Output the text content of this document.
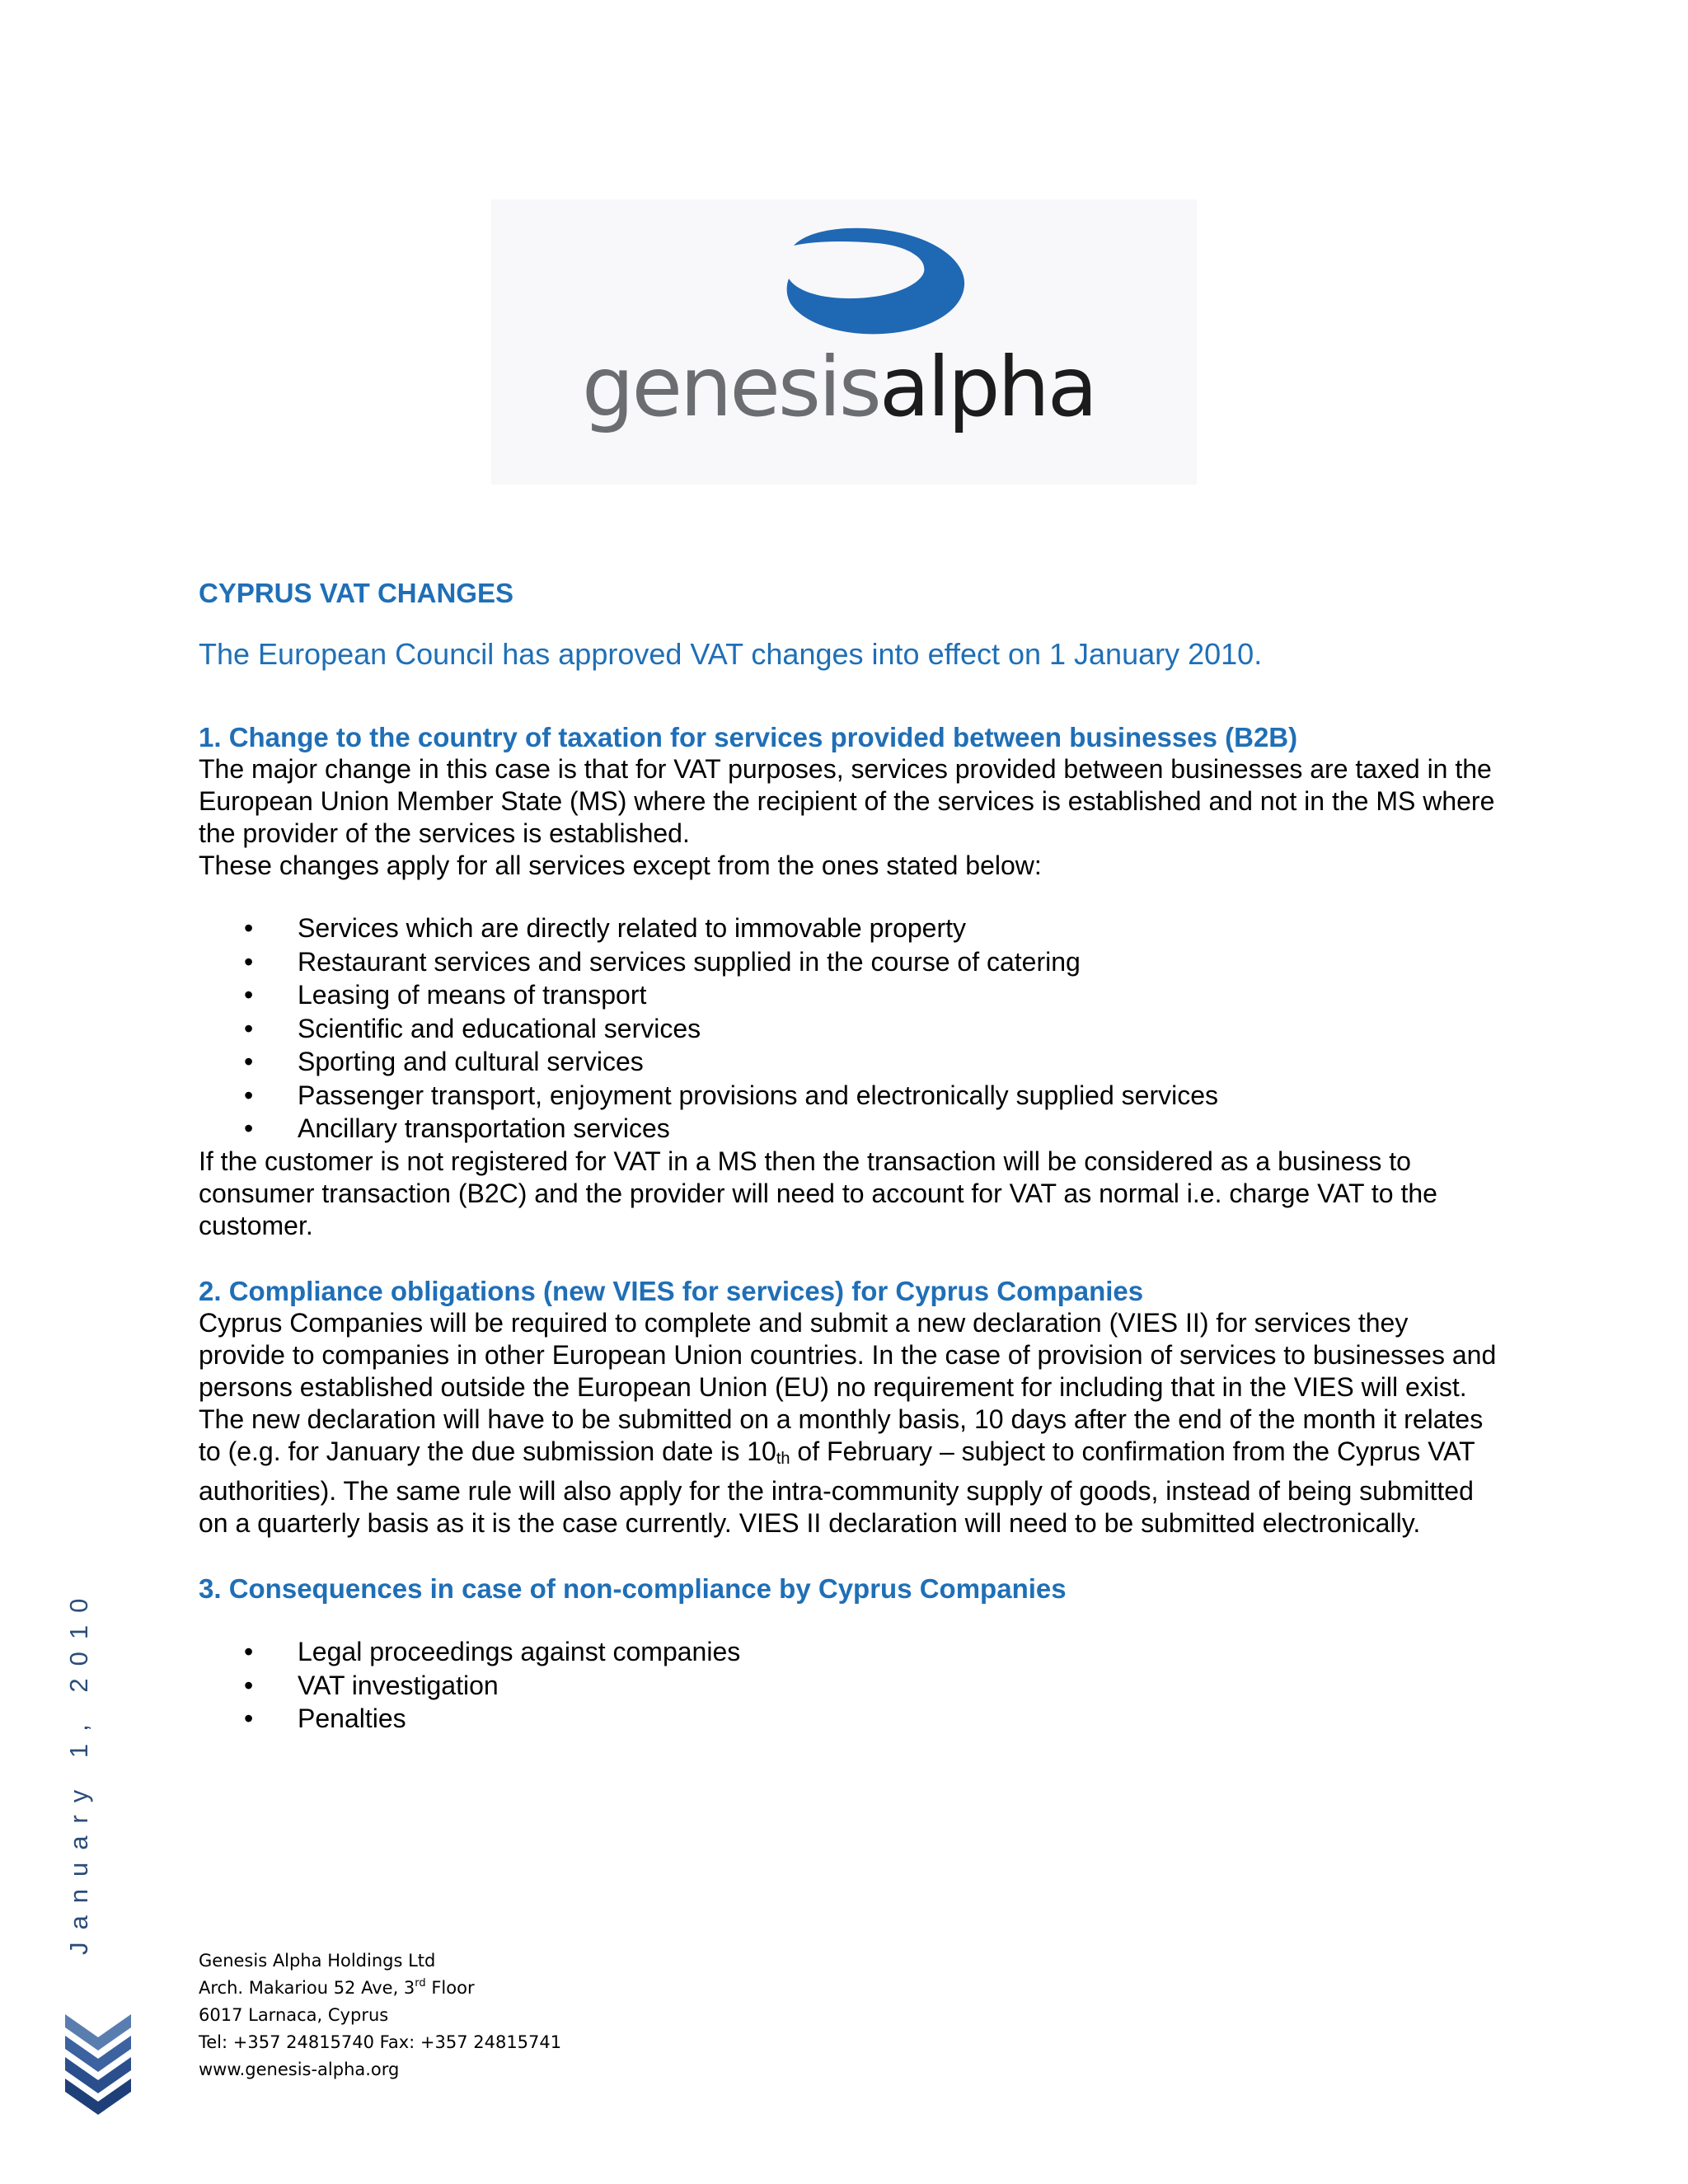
genesisalpha
CYPRUS VAT CHANGES

The European Council has approved VAT changes into effect on 1 January 2010.

1. Change to the country of taxation for services provided between businesses (B2B)

The major change in this case is that for VAT purposes, services provided between businesses are taxed in the European Union Member State (MS) where the recipient of the services is established and not in the MS where the provider of the services is established.

These changes apply for all services except from the ones stated below:

• Services which are directly related to immovable property
• Restaurant services and services supplied in the course of catering
• Leasing of means of transport
• Scientific and educational services
• Sporting and cultural services
• Passenger transport, enjoyment provisions and electronically supplied services
• Ancillary transportation services

If the customer is not registered for VAT in a MS then the transaction will be considered as a business to consumer transaction (B2C) and the provider will need to account for VAT as normal i.e. charge VAT to the customer.

2. Compliance obligations (new VIES for services) for Cyprus Companies

Cyprus Companies will be required to complete and submit a new declaration (VIES II) for services they provide to companies in other European Union countries. In the case of provision of services to businesses and persons established outside the European Union (EU) no requirement for including that in the VIES will exist.

The new declaration will have to be submitted on a monthly basis, 10 days after the end of the month it relates to (e.g. for January the due submission date is 10th of February – subject to confirmation from the Cyprus VAT authorities). The same rule will also apply for the intra-community supply of goods, instead of being submitted on a quarterly basis as it is the case currently. VIES II declaration will need to be submitted electronically.

3. Consequences in case of non-compliance by Cyprus Companies
• Legal proceedings against companies
• VAT investigation
• Penalties
January 1, 2010
Genesis Alpha Holdings Ltd
Arch. Makariou 52 Ave, 3rd Floor
6017 Larnaca, Cyprus
Tel: +357 24815740 Fax: +357 24815741
www.genesis-alpha.org
